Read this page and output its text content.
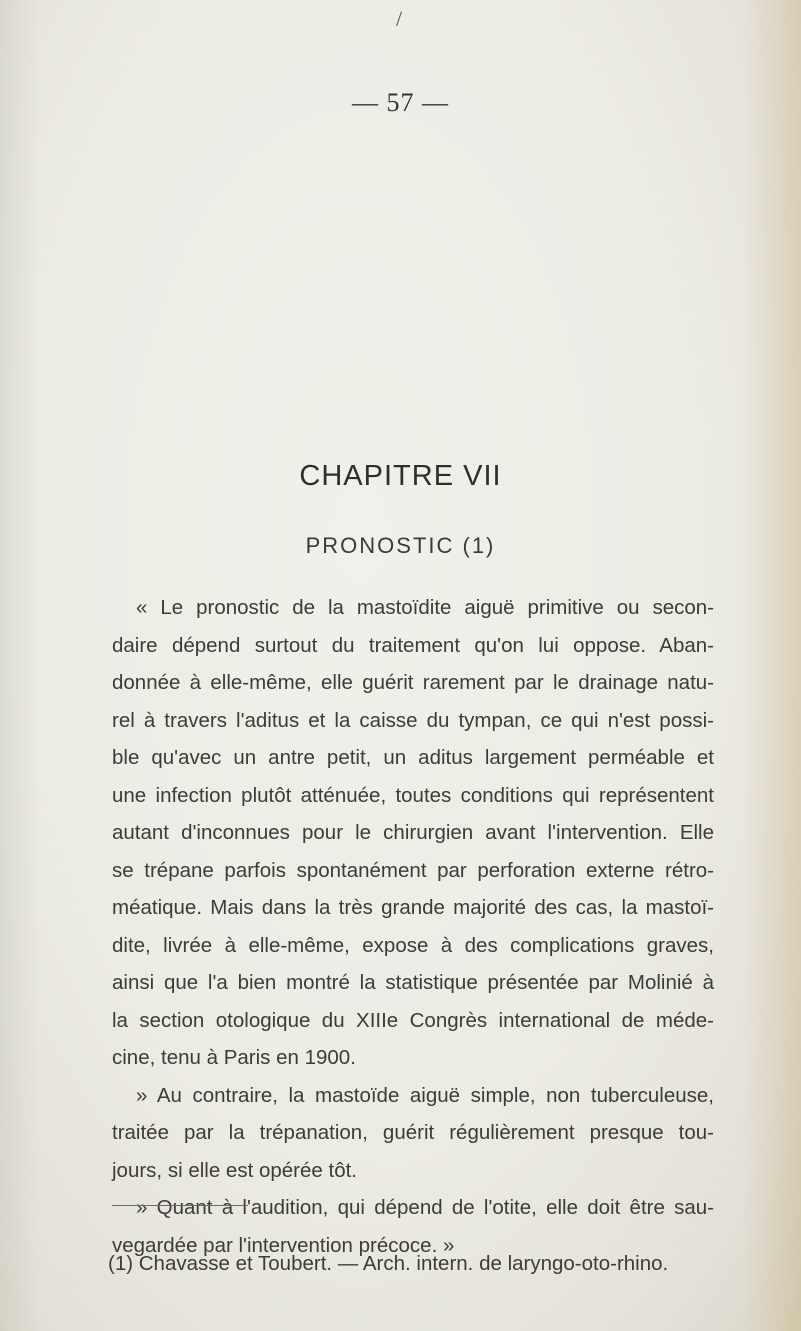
/
— 57 —
CHAPITRE VII
PRONOSTIC (1)
« Le pronostic de la mastoïdite aiguë primitive ou secon-
daire dépend surtout du traitement qu'on lui oppose. Aban-
donnée à elle-même, elle guérit rarement par le drainage natu-
rel à travers l'aditus et la caisse du tympan, ce qui n'est possi-
ble qu'avec un antre petit, un aditus largement perméable et
une infection plutôt atténuée, toutes conditions qui représentent
autant d'inconnues pour le chirurgien avant l'intervention. Elle
se trépane parfois spontanément par perforation externe rétro-
méatique. Mais dans la très grande majorité des cas, la mastoï-
dite, livrée à elle-même, expose à des complications graves,
ainsi que l'a bien montré la statistique présentée par Molinié à
la section otologique du XIIIe Congrès international de méde-
cine, tenu à Paris en 1900.
» Au contraire, la mastoïde aiguë simple, non tuberculeuse,
traitée par la trépanation, guérit régulièrement presque tou-
jours, si elle est opérée tôt.
» Quant à l'audition, qui dépend de l'otite, elle doit être sau-
vegardée par l'intervention précoce. »
(1) Chavasse et Toubert. — Arch. intern. de laryngo-oto-rhino.
